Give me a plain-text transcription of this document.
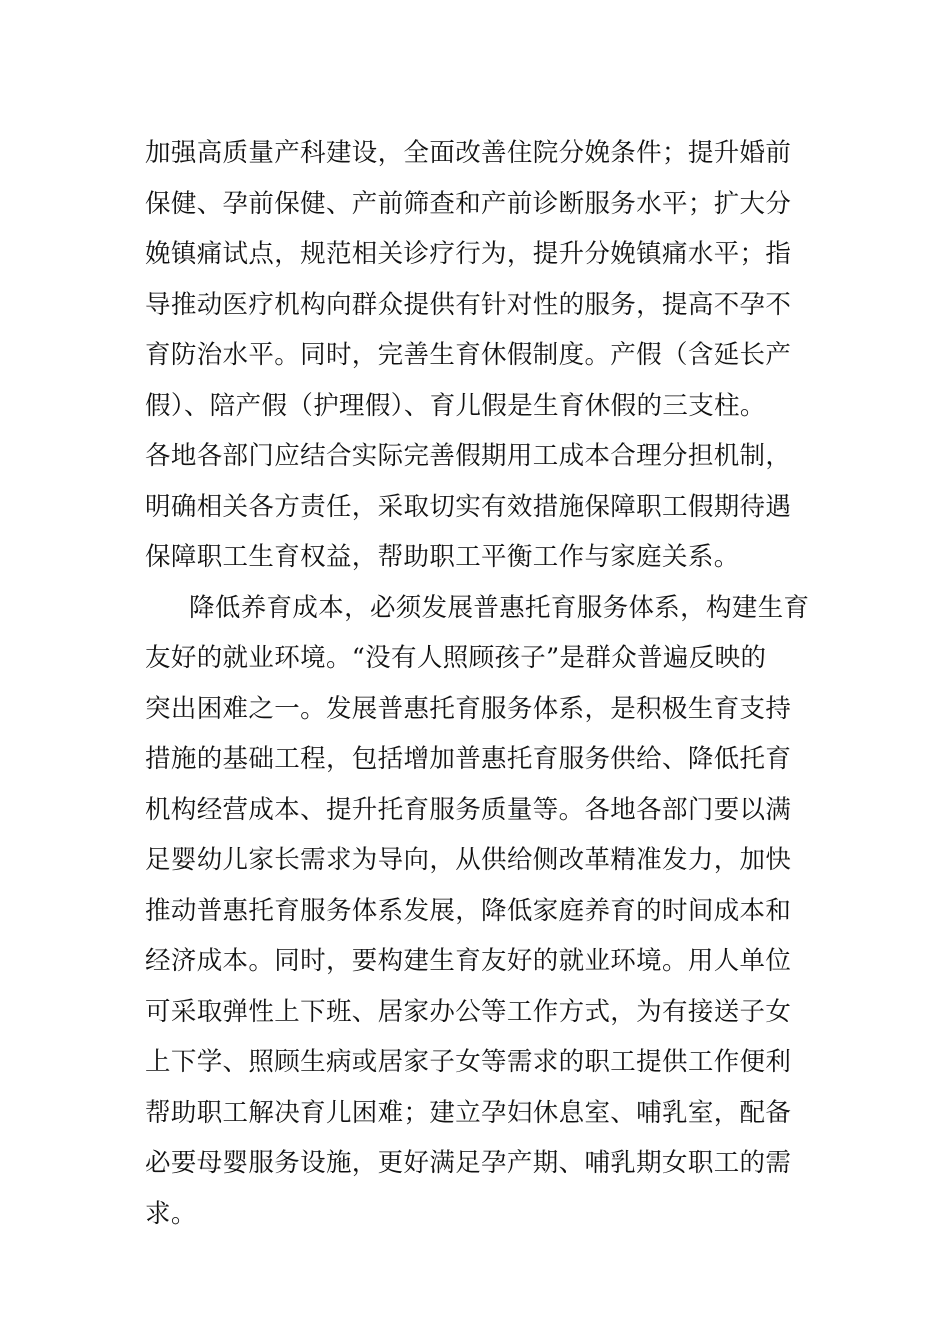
加强高质量产科建设，全面改善住院分娩条件；提升婚前
保健、孕前保健、产前筛查和产前诊断服务水平；扩大分
娩镇痛试点，规范相关诊疗行为，提升分娩镇痛水平；指
导推动医疗机构向群众提供有针对性的服务，提高不孕不
育防治水平。同时，完善生育休假制度。产假（含延长产
假）、陪产假（护理假）、育儿假是生育休假的三支柱。
各地各部门应结合实际完善假期用工成本合理分担机制，
明确相关各方责任，采取切实有效措施保障职工假期待遇
保障职工生育权益，帮助职工平衡工作与家庭关系。
降低养育成本，必须发展普惠托育服务体系，构建生育
友好的就业环境。“没有人照顾孩子”是群众普遍反映的
突出困难之一。发展普惠托育服务体系，是积极生育支持
措施的基础工程，包括增加普惠托育服务供给、降低托育
机构经营成本、提升托育服务质量等。各地各部门要以满
足婴幼儿家长需求为导向，从供给侧改革精准发力，加快
推动普惠托育服务体系发展，降低家庭养育的时间成本和
经济成本。同时，要构建生育友好的就业环境。用人单位
可采取弹性上下班、居家办公等工作方式，为有接送子女
上下学、照顾生病或居家子女等需求的职工提供工作便利
帮助职工解决育儿困难；建立孕妇休息室、哺乳室，配备
必要母婴服务设施，更好满足孕产期、哺乳期女职工的需
求。
